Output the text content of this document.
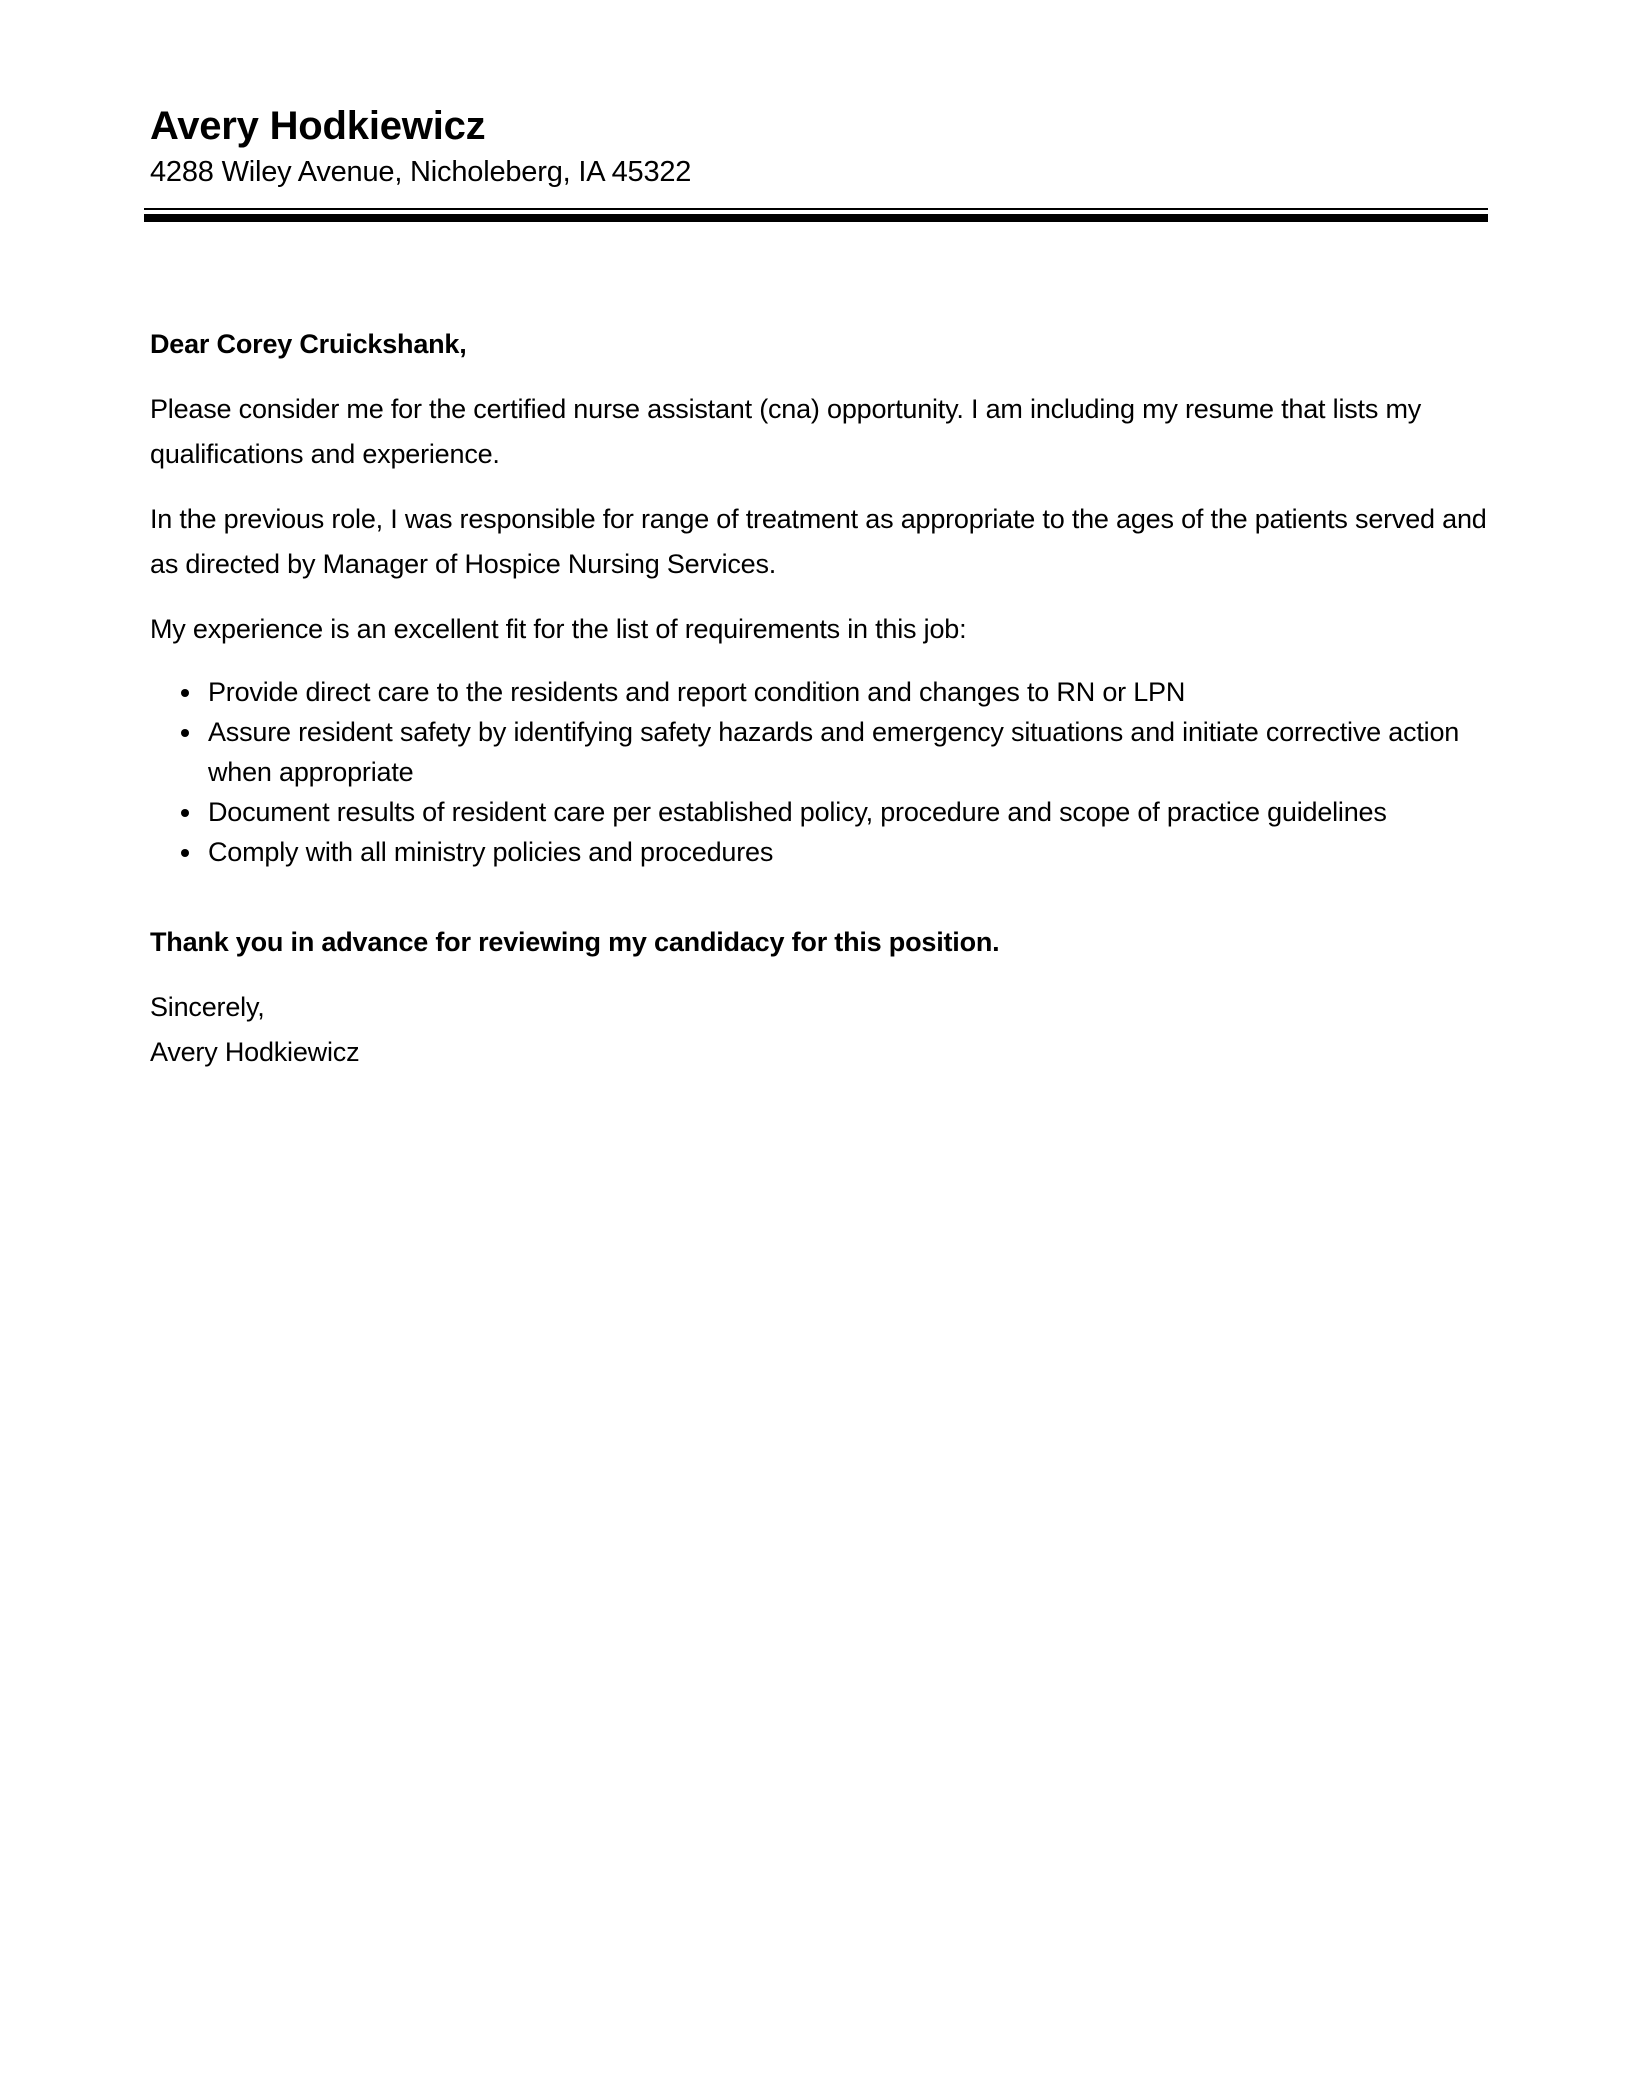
Avery Hodkiewicz
4288 Wiley Avenue, Nicholeberg, IA 45322

Dear Corey Cruickshank,

Please consider me for the certified nurse assistant (cna) opportunity. I am including my resume that lists my qualifications and experience.

In the previous role, I was responsible for range of treatment as appropriate to the ages of the patients served and as directed by Manager of Hospice Nursing Services.

My experience is an excellent fit for the list of requirements in this job:

• Provide direct care to the residents and report condition and changes to RN or LPN
• Assure resident safety by identifying safety hazards and emergency situations and initiate corrective action when appropriate
• Document results of resident care per established policy, procedure and scope of practice guidelines
• Comply with all ministry policies and procedures

Thank you in advance for reviewing my candidacy for this position.

Sincerely,
Avery Hodkiewicz
